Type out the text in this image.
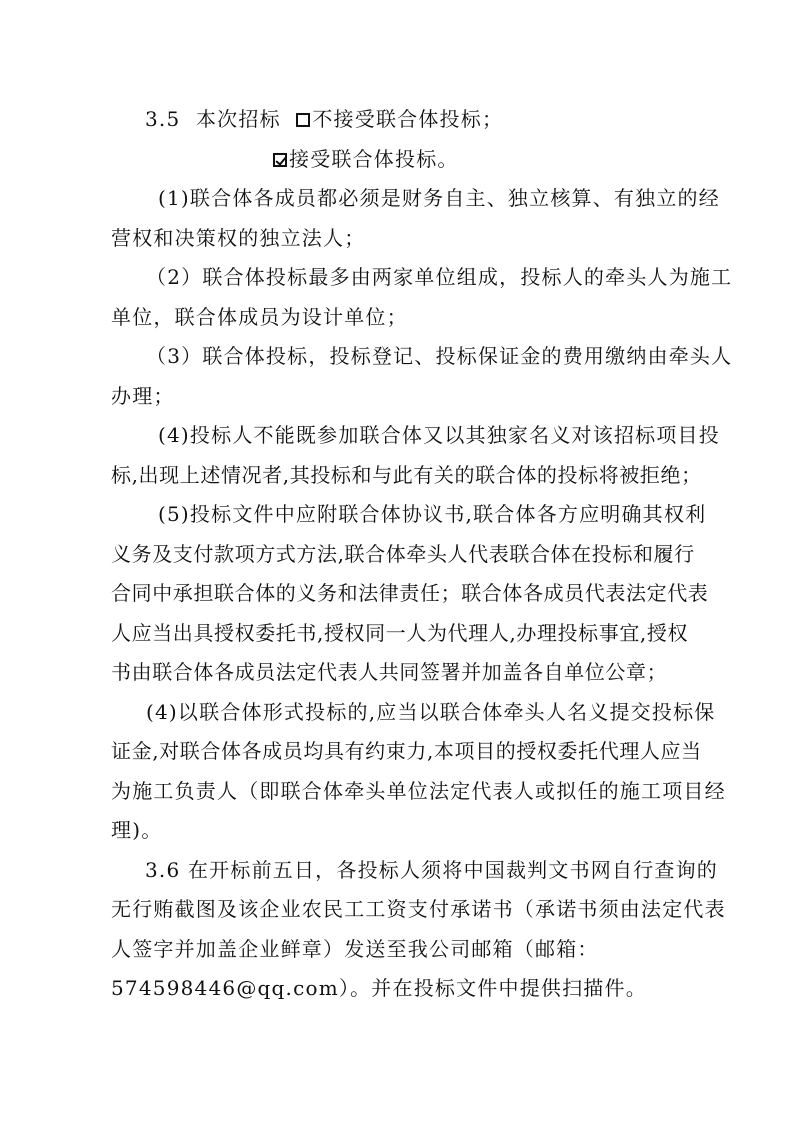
3.5 本次招标 不接受联合体投标；
接受联合体投标。
(1)联合体各成员都必须是财务自主、独立核算、有独立的经
营权和决策权的独立法人；
（2）联合体投标最多由两家单位组成，投标人的牵头人为施工
单位，联合体成员为设计单位；
（3）联合体投标，投标登记、投标保证金的费用缴纳由牵头人
办理；
(4)投标人不能既参加联合体又以其独家名义对该招标项目投
标,出现上述情况者,其投标和与此有关的联合体的投标将被拒绝；
(5)投标文件中应附联合体协议书,联合体各方应明确其权利
义务及支付款项方式方法,联合体牵头人代表联合体在投标和履行
合同中承担联合体的义务和法律责任；联合体各成员代表法定代表
人应当出具授权委托书,授权同一人为代理人,办理投标事宜,授权
书由联合体各成员法定代表人共同签署并加盖各自单位公章；
(4)以联合体形式投标的,应当以联合体牵头人名义提交投标保
证金,对联合体各成员均具有约束力,本项目的授权委托代理人应当
为施工负责人（即联合体牵头单位法定代表人或拟任的施工项目经
理)。
3.6 在开标前五日，各投标人须将中国裁判文书网自行查询的
无行贿截图及该企业农民工工资支付承诺书（承诺书须由法定代表
人签字并加盖企业鲜章）发送至我公司邮箱（邮箱：
574598446@qq.com）。并在投标文件中提供扫描件。
